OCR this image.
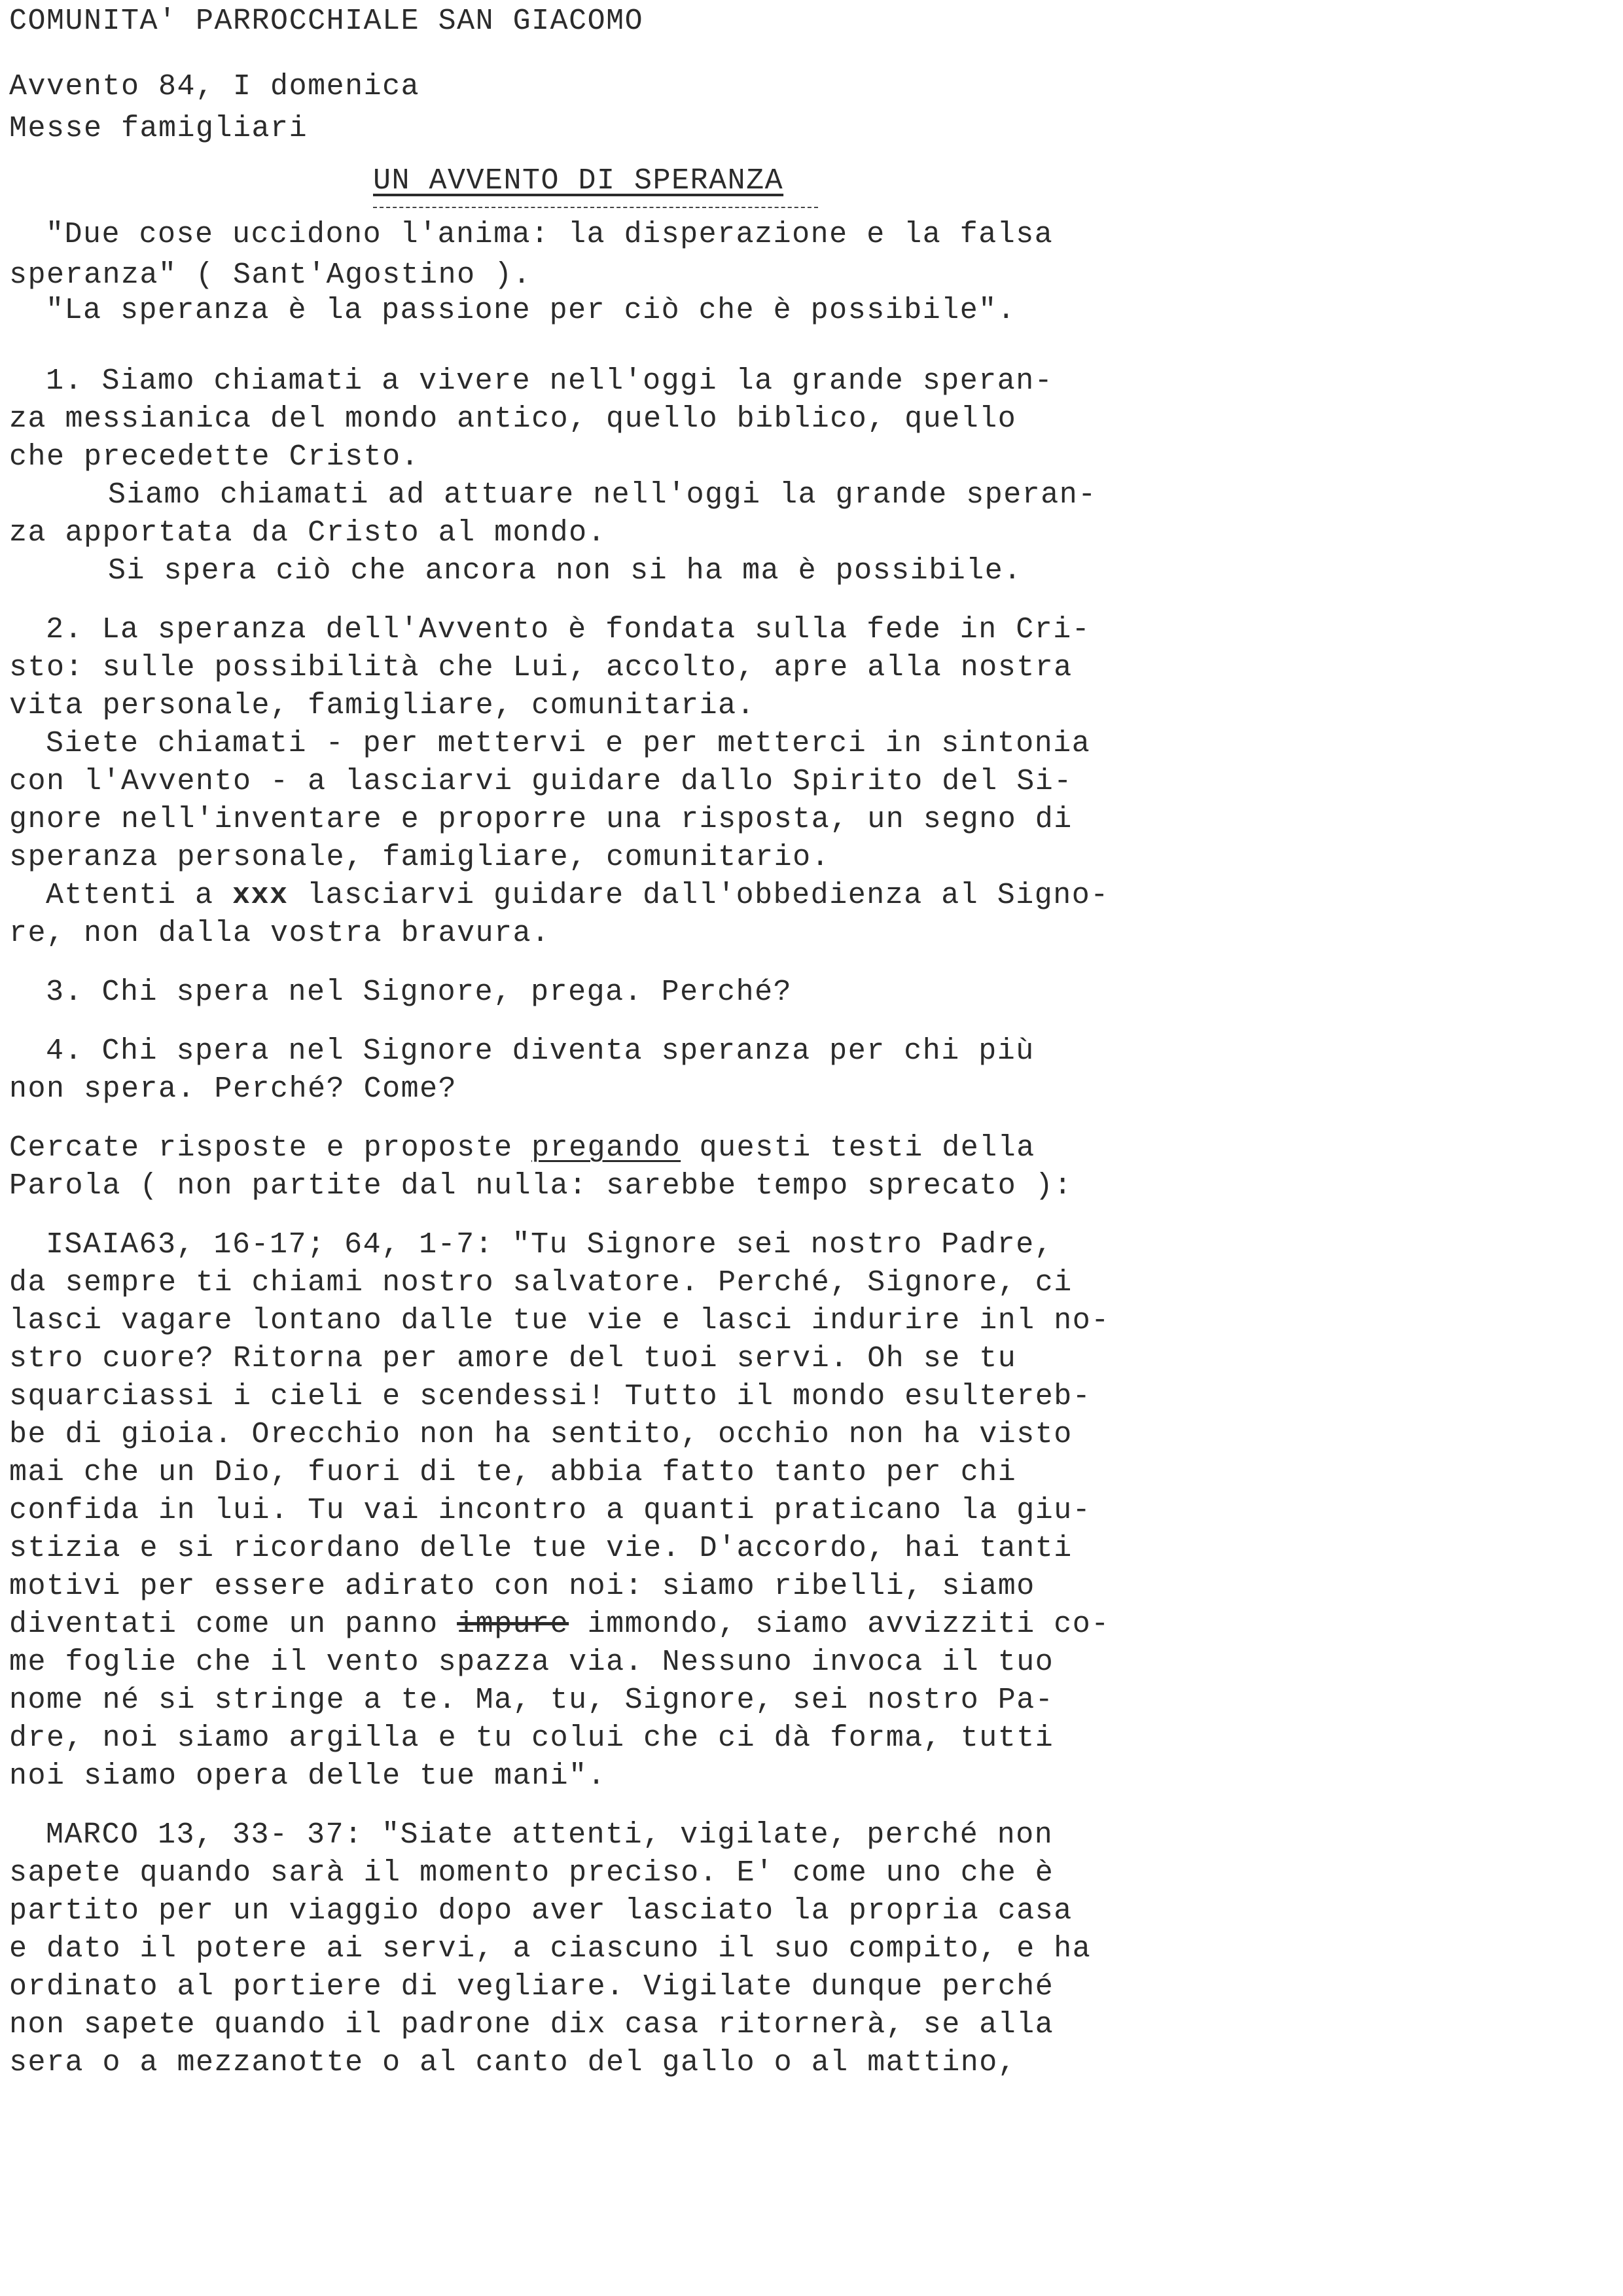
COMUNITA' PARROCCHIALE SAN GIACOMO
Avvento 84, I domenica
Messe famigliari
UN AVVENTO DI SPERANZA
"Due cose uccidono l'anima: la disperazione e la falsa
speranza" ( Sant'Agostino ).
"La speranza è la passione per ciò che è possibile".
1. Siamo chiamati a vivere nell'oggi la grande speran-
za messianica del mondo antico, quello biblico, quello
che precedette Cristo.
Siamo chiamati ad attuare nell'oggi la grande speran-
za apportata da Cristo al mondo.
Si spera ciò che ancora non si ha ma è possibile.
2. La speranza dell'Avvento è fondata sulla fede in Cri-
sto: sulle possibilità che Lui, accolto, apre alla nostra
vita personale, famigliare, comunitaria.
Siete chiamati - per mettervi e per metterci in sintonia
con l'Avvento - a lasciarvi guidare dallo Spirito del Si-
gnore nell'inventare e proporre una risposta, un segno di
speranza personale, famigliare, comunitario.
Attenti a xxx lasciarvi guidare dall'obbedienza al Signo-
re, non dalla vostra bravura.
3. Chi spera nel Signore, prega. Perché?
4. Chi spera nel Signore diventa speranza per chi più
non spera. Perché? Come?
Cercate risposte e proposte pregando questi testi della
Parola ( non partite dal nulla: sarebbe tempo sprecato ):
ISAIA63, 16-17; 64, 1-7: "Tu Signore sei nostro Padre,
da sempre ti chiami nostro salvatore. Perché, Signore, ci
lasci vagare lontano dalle tue vie e lasci indurire inl no-
stro cuore? Ritorna per amore del tuoi servi. Oh se tu
squarciassi i cieli e scendessi! Tutto il mondo esultereb-
be di gioia. Orecchio non ha sentito, occhio non ha visto
mai che un Dio, fuori di te, abbia fatto tanto per chi
confida in lui. Tu vai incontro a quanti praticano la giu-
stizia e si ricordano delle tue vie. D'accordo, hai tanti
motivi per essere adirato con noi: siamo ribelli, siamo
diventati come un panno impure immondo, siamo avvizziti co-
me foglie che il vento spazza via. Nessuno invoca il tuo
nome né si stringe a te. Ma, tu, Signore, sei nostro Pa-
dre, noi siamo argilla e tu colui che ci dà forma, tutti
noi siamo opera delle tue mani".
MARCO 13, 33- 37: "Siate attenti, vigilate, perché non
sapete quando sarà il momento preciso. E' come uno che è
partito per un viaggio dopo aver lasciato la propria casa
e dato il potere ai servi, a ciascuno il suo compito, e ha
ordinato al portiere di vegliare. Vigilate dunque perché
non sapete quando il padrone dix casa ritornerà, se alla
sera o a mezzanotte o al canto del gallo o al mattino,
